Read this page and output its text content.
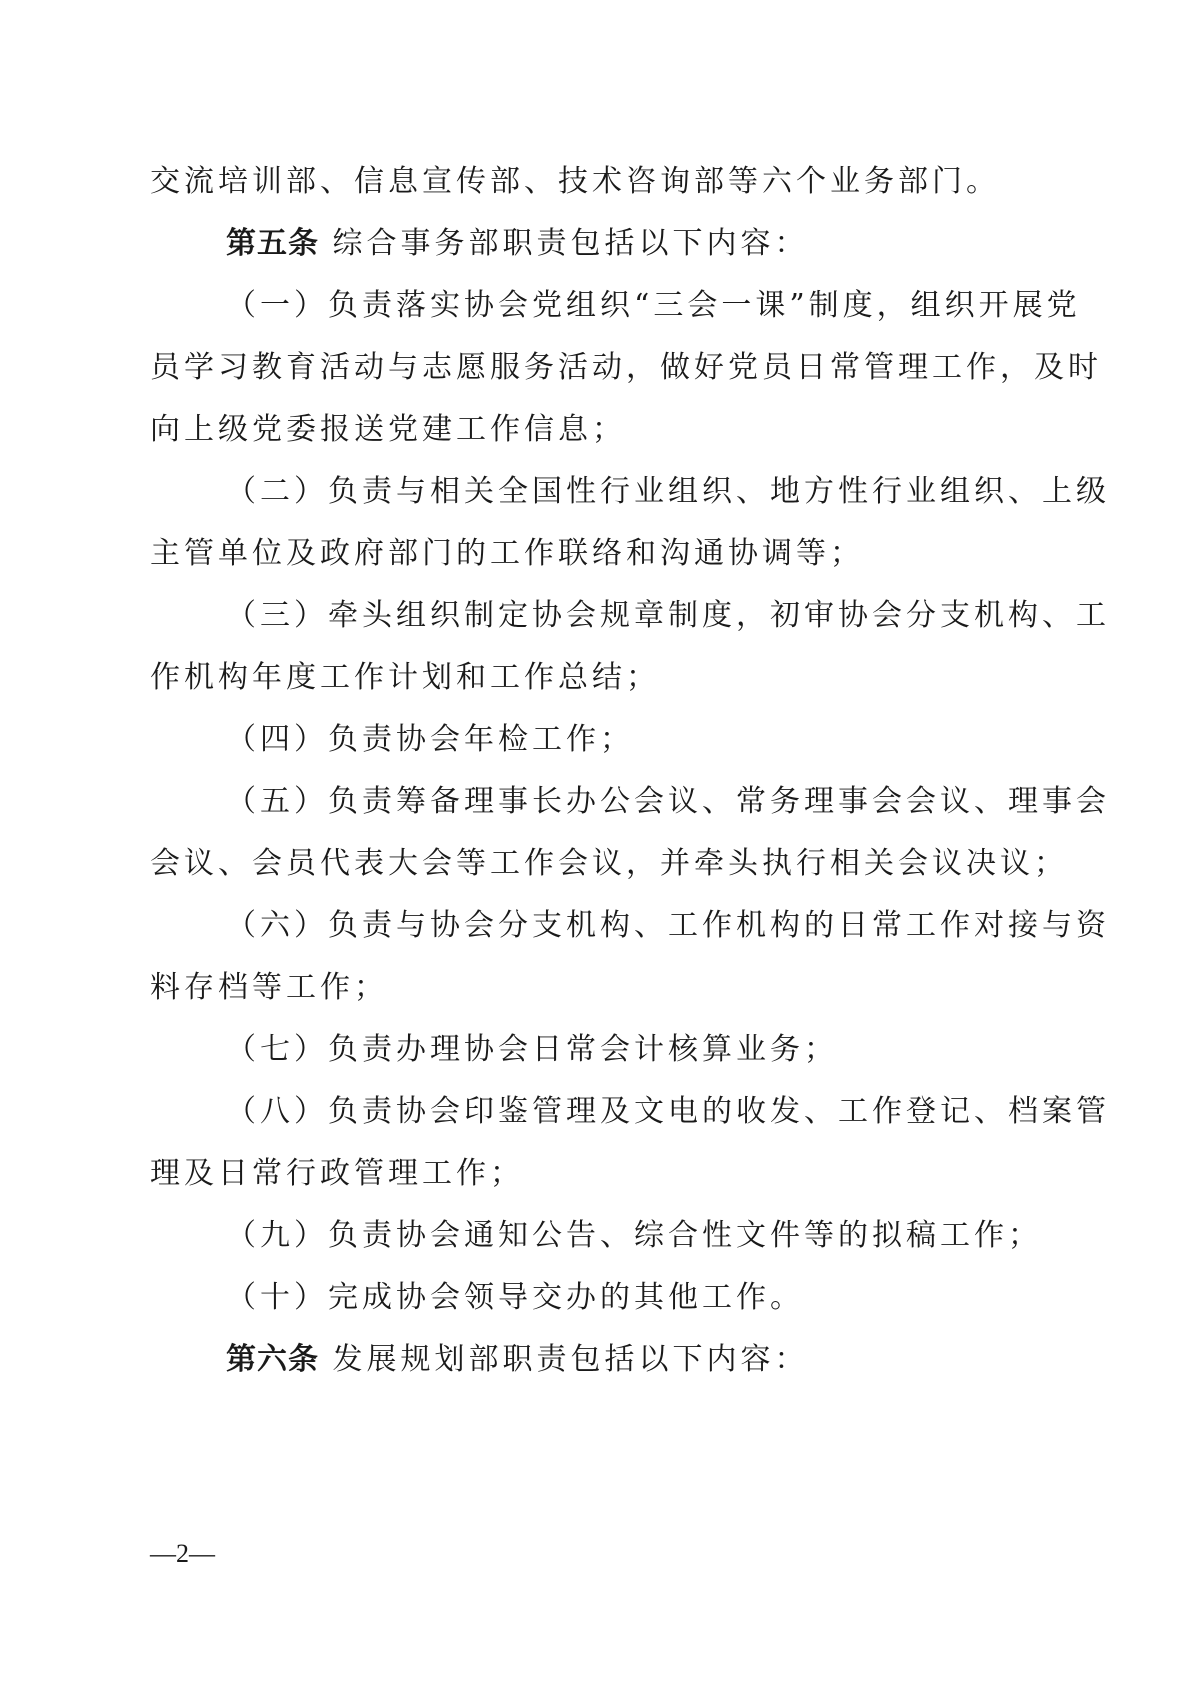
交流培训部、信息宣传部、技术咨询部等六个业务部门。
第五条 综合事务部职责包括以下内容：
（一）负责落实协会党组织“三会一课”制度，组织开展党
员学习教育活动与志愿服务活动，做好党员日常管理工作，及时
向上级党委报送党建工作信息；
（二）负责与相关全国性行业组织、地方性行业组织、上级
主管单位及政府部门的工作联络和沟通协调等；
（三）牵头组织制定协会规章制度，初审协会分支机构、工
作机构年度工作计划和工作总结；
（四）负责协会年检工作；
（五）负责筹备理事长办公会议、常务理事会会议、理事会
会议、会员代表大会等工作会议，并牵头执行相关会议决议；
（六）负责与协会分支机构、工作机构的日常工作对接与资
料存档等工作；
（七）负责办理协会日常会计核算业务；
（八）负责协会印鉴管理及文电的收发、工作登记、档案管
理及日常行政管理工作；
（九）负责协会通知公告、综合性文件等的拟稿工作；
（十）完成协会领导交办的其他工作。
第六条 发展规划部职责包括以下内容：
—2—
